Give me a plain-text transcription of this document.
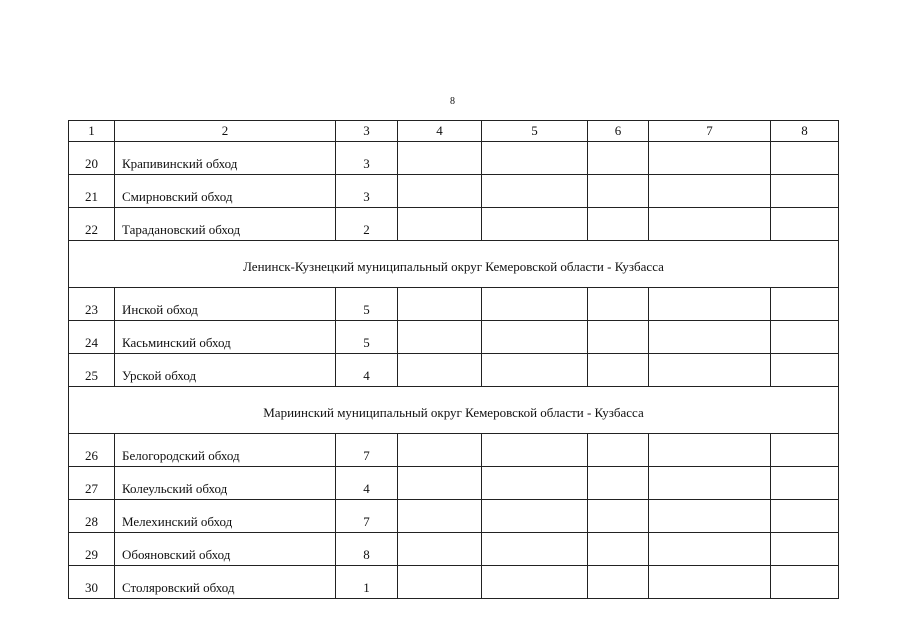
8
1	2	3	4	5	6	7	8
20	Крапивинский обход	3					
21	Смирновский обход	3					
22	Тарадановский обход	2					
Ленинск-Кузнецкий муниципальный округ Кемеровской области - Кузбасса							
23	Инской обход	5					
24	Касьминский обход	5					
25	Урской обход	4					
Мариинский муниципальный округ Кемеровской области - Кузбасса							
26	Белогородский обход	7					
27	Колеульский обход	4					
28	Мелехинский обход	7					
29	Обояновский обход	8					
30	Столяровский обход	1					
